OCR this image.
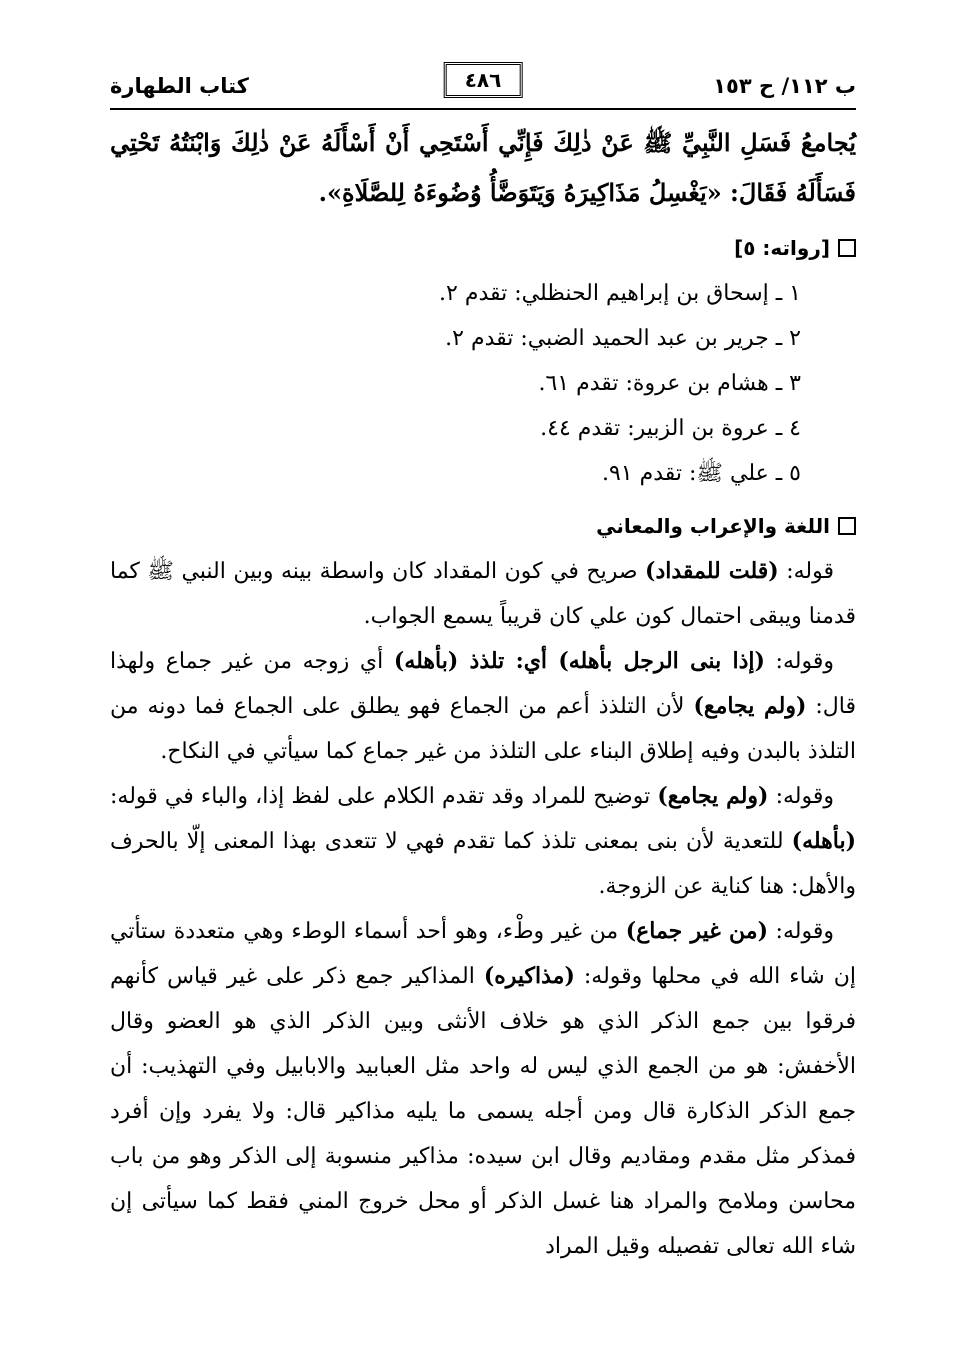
كتاب الطهارة	ب ١١٢/ ح ١٥٣
٤٨٦

يُجامعُ فَسَلِ النَّبِيِّ ﷺ عَنْ ذٰلِكَ فَإِنِّي أَسْتَحِي أَنْ أَسْأَلَهُ عَنْ ذٰلِكَ وَابْنَتُهُ تَحْتِي فَسَأَلَهُ فَقَالَ: «يَغْسِلُ مَذَاكِيرَهُ وَيَتَوَضَّأُ وُضُوءَهُ لِلصَّلَاةِ».

[رواته: ٥]
١ ـ إسحاق بن إبراهيم الحنظلي: تقدم ٢.
٢ ـ جرير بن عبد الحميد الضبي: تقدم ٢.
٣ ـ هشام بن عروة: تقدم ٦١.
٤ ـ عروة بن الزبير: تقدم ٤٤.
٥ ـ علي ﷺ: تقدم ٩١.
اللغة والإعراب والمعاني

قوله: (قلت للمقداد) صريح في كون المقداد كان واسطة بينه وبين النبي ﷺ كما قدمنا ويبقى احتمال كون علي كان قريباً يسمع الجواب.

وقوله: (إذا بنى الرجل بأهله) أي: تلذذ (بأهله) أي زوجه من غير جماع ولهذا قال: (ولم يجامع) لأن التلذذ أعم من الجماع فهو يطلق على الجماع فما دونه من التلذذ بالبدن وفيه إطلاق البناء على التلذذ من غير جماع كما سيأتي في النكاح.

وقوله: (ولم يجامع) توضيح للمراد وقد تقدم الكلام على لفظ إذا، والباء في قوله: (بأهله) للتعدية لأن بنى بمعنى تلذذ كما تقدم فهي لا تتعدى بهذا المعنى إلّا بالحرف والأهل: هنا كناية عن الزوجة.

وقوله: (من غير جماع) من غير وطْء، وهو أحد أسماء الوطء وهي متعددة ستأتي إن شاء الله في محلها وقوله: (مذاكيره) المذاكير جمع ذكر على غير قياس كأنهم فرقوا بين جمع الذكر الذي هو خلاف الأنثى وبين الذكر الذي هو العضو وقال الأخفش: هو من الجمع الذي ليس له واحد مثل العبابيد والابابيل وفي التهذيب: أن جمع الذكر الذكارة قال ومن أجله يسمى ما يليه مذاكير قال: ولا يفرد وإن أفرد فمذكر مثل مقدم ومقاديم وقال ابن سيده: مذاكير منسوبة إلى الذكر وهو من باب محاسن وملامح والمراد هنا غسل الذكر أو محل خروج المني فقط كما سيأتى إن شاء الله تعالى تفصيله وقيل المراد
